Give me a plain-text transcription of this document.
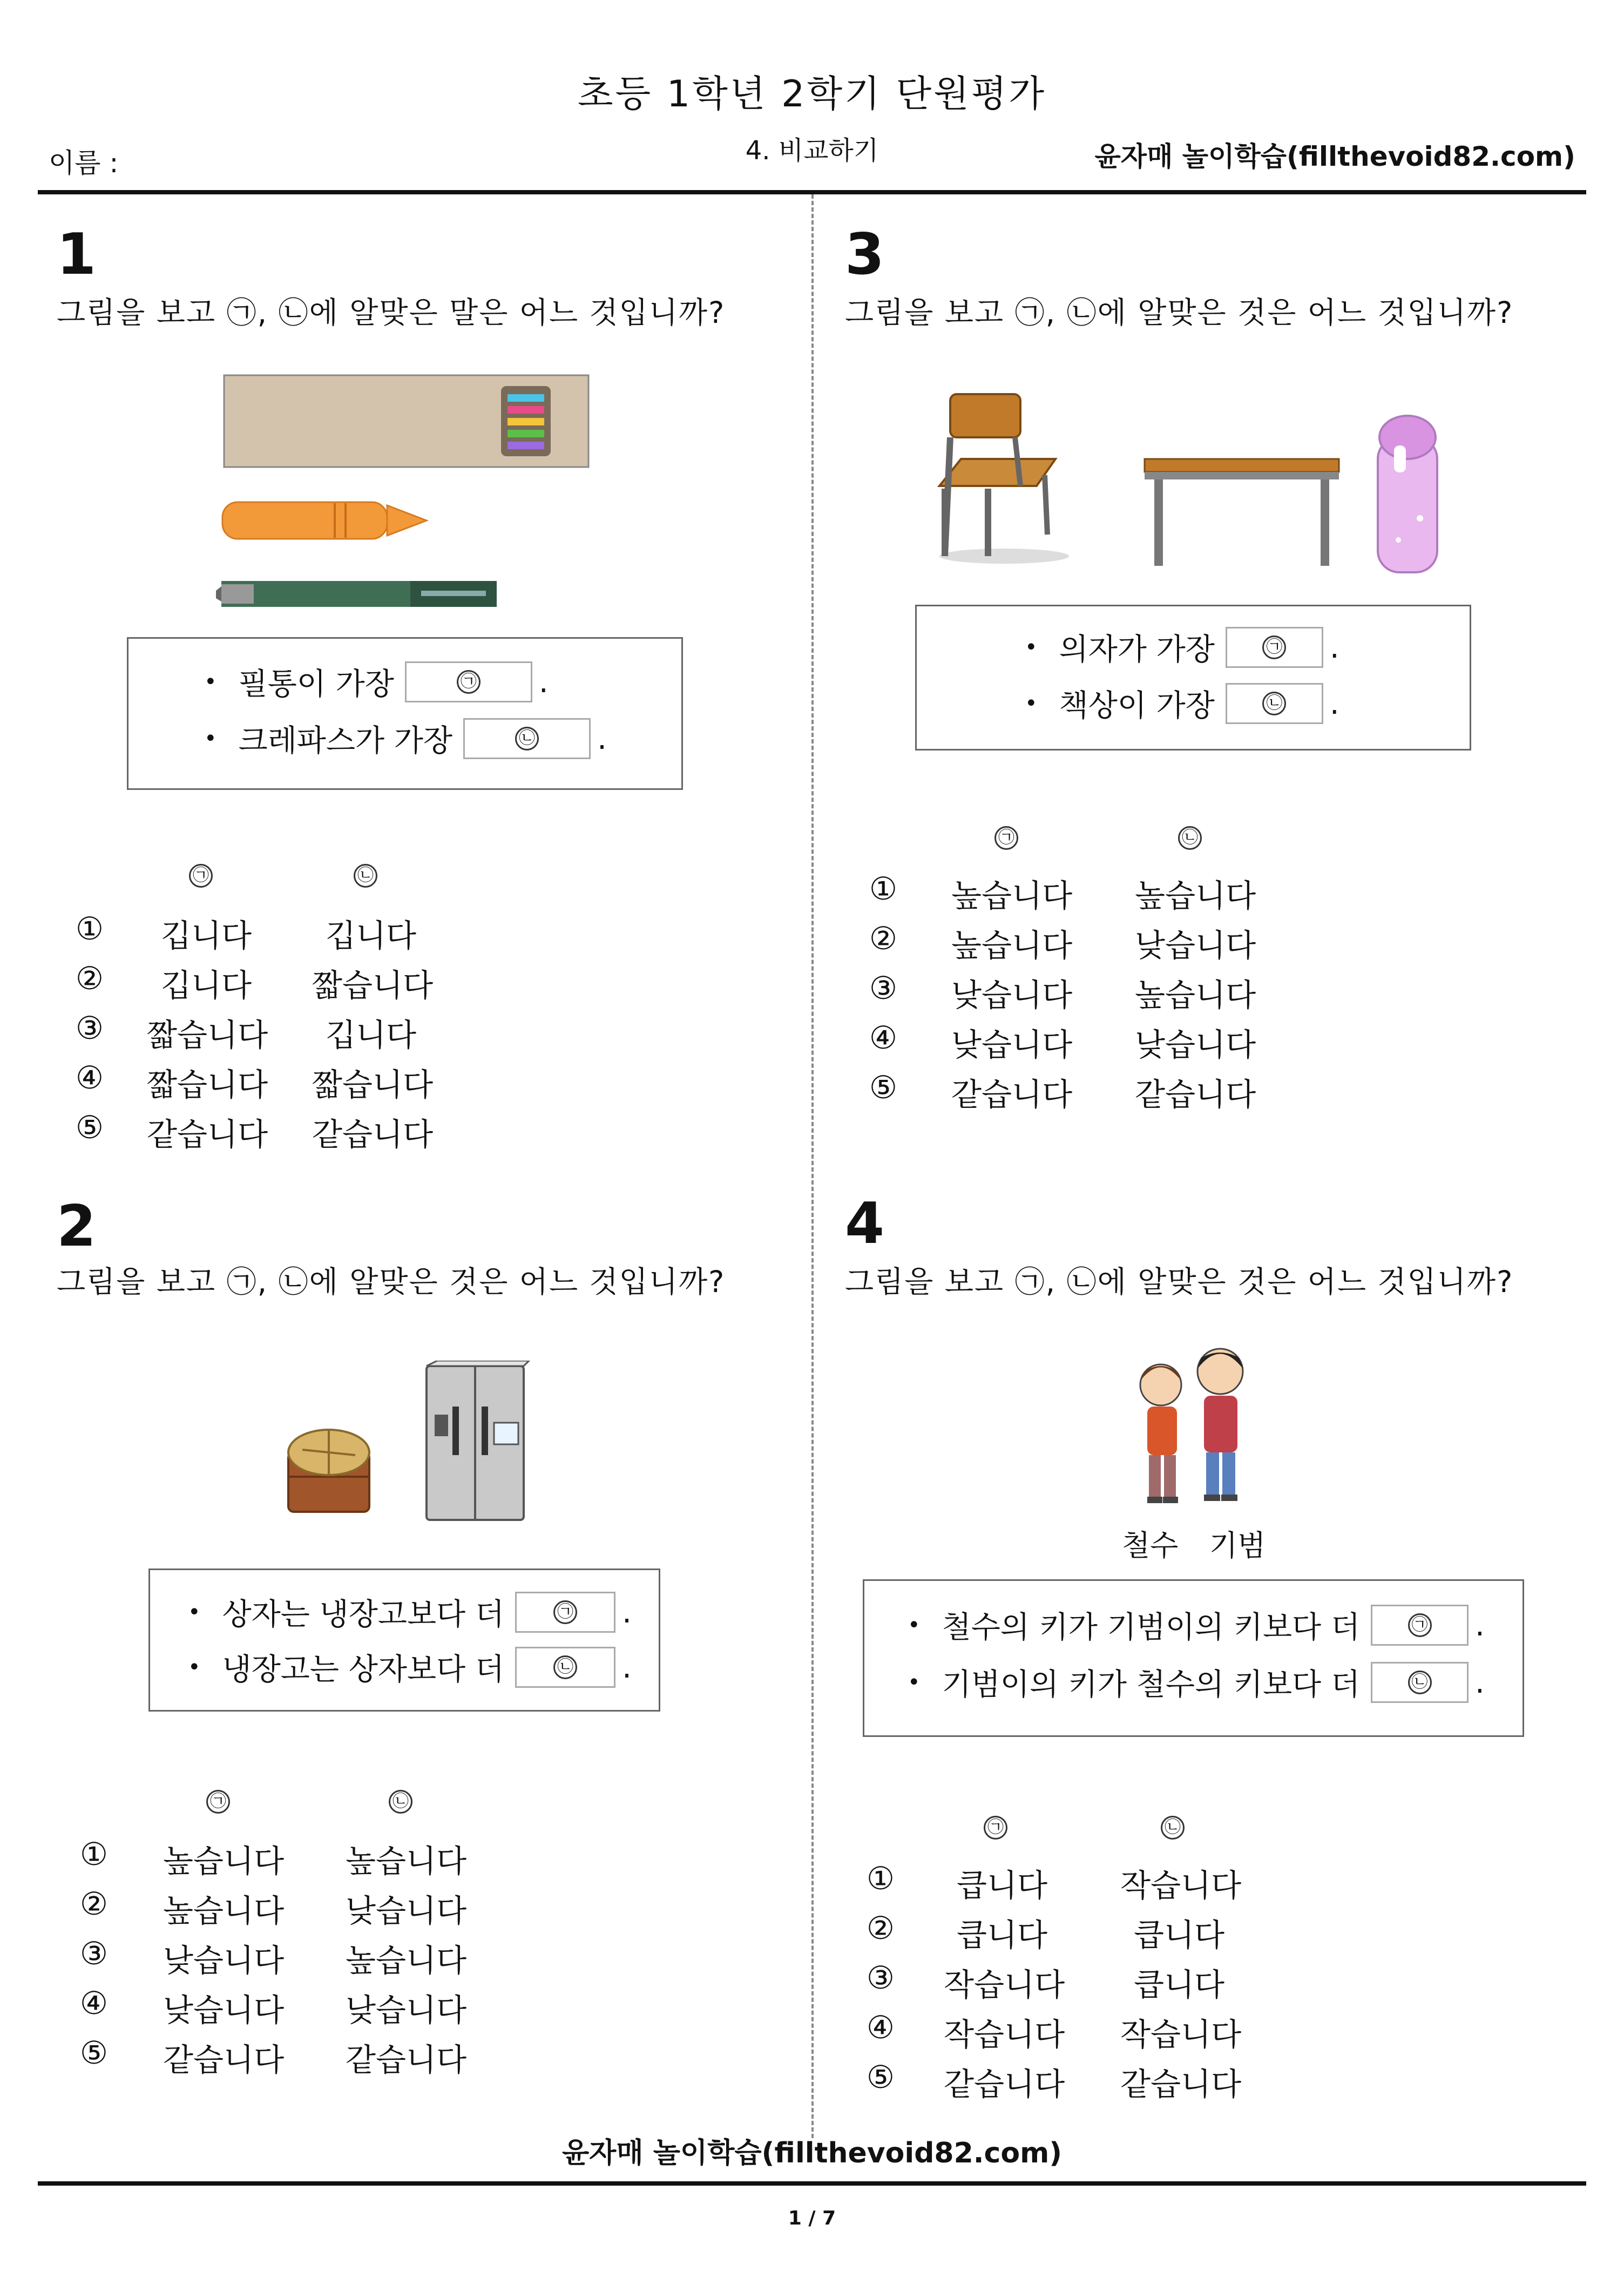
초등 1학년 2학기 단원평가
이름 :	4. 비교하기	윤자매 놀이학습(fillthevoid82.com)
1
그림을 보고 ㉠, ㉡에 알맞은 말은 어느 것입니까?
• 필통이 가장	㉠ .
• 크레파스가 가장	㉡ .
㉠	㉡
① 깁니다 깁니다
② 깁니다 짧습니다
③ 짧습니다 깁니다
④ 짧습니다 짧습니다
⑤ 같습니다 같습니다
2
그림을 보고 ㉠, ㉡에 알맞은 것은 어느 것입니까?
• 상자는 냉장고보다 더	㉠ .
• 냉장고는 상자보다 더	㉡ .
㉠	㉡
① 높습니다 높습니다
② 높습니다 낮습니다
③ 낮습니다 높습니다
④ 낮습니다 낮습니다
⑤ 같습니다 같습니다
3
그림을 보고 ㉠, ㉡에 알맞은 것은 어느 것입니까?
• 의자가 가장	㉠ .
• 책상이 가장	㉡ .
㉠	㉡
① 높습니다 높습니다
② 높습니다 낮습니다
③ 낮습니다 높습니다
④ 낮습니다 낮습니다
⑤ 같습니다 같습니다
4
그림을 보고 ㉠, ㉡에 알맞은 것은 어느 것입니까?
철수 기범
• 철수의 키가 기범이의 키보다 더	㉠ .
• 기범이의 키가 철수의 키보다 더	㉡ .
㉠	㉡
① 큽니다 작습니다
② 큽니다	큽니다
③ 작습니다 큽니다
④ 작습니다 작습니다
⑤ 같습니다 같습니다
윤자매 놀이학습(fillthevoid82.com)
1 / 7
